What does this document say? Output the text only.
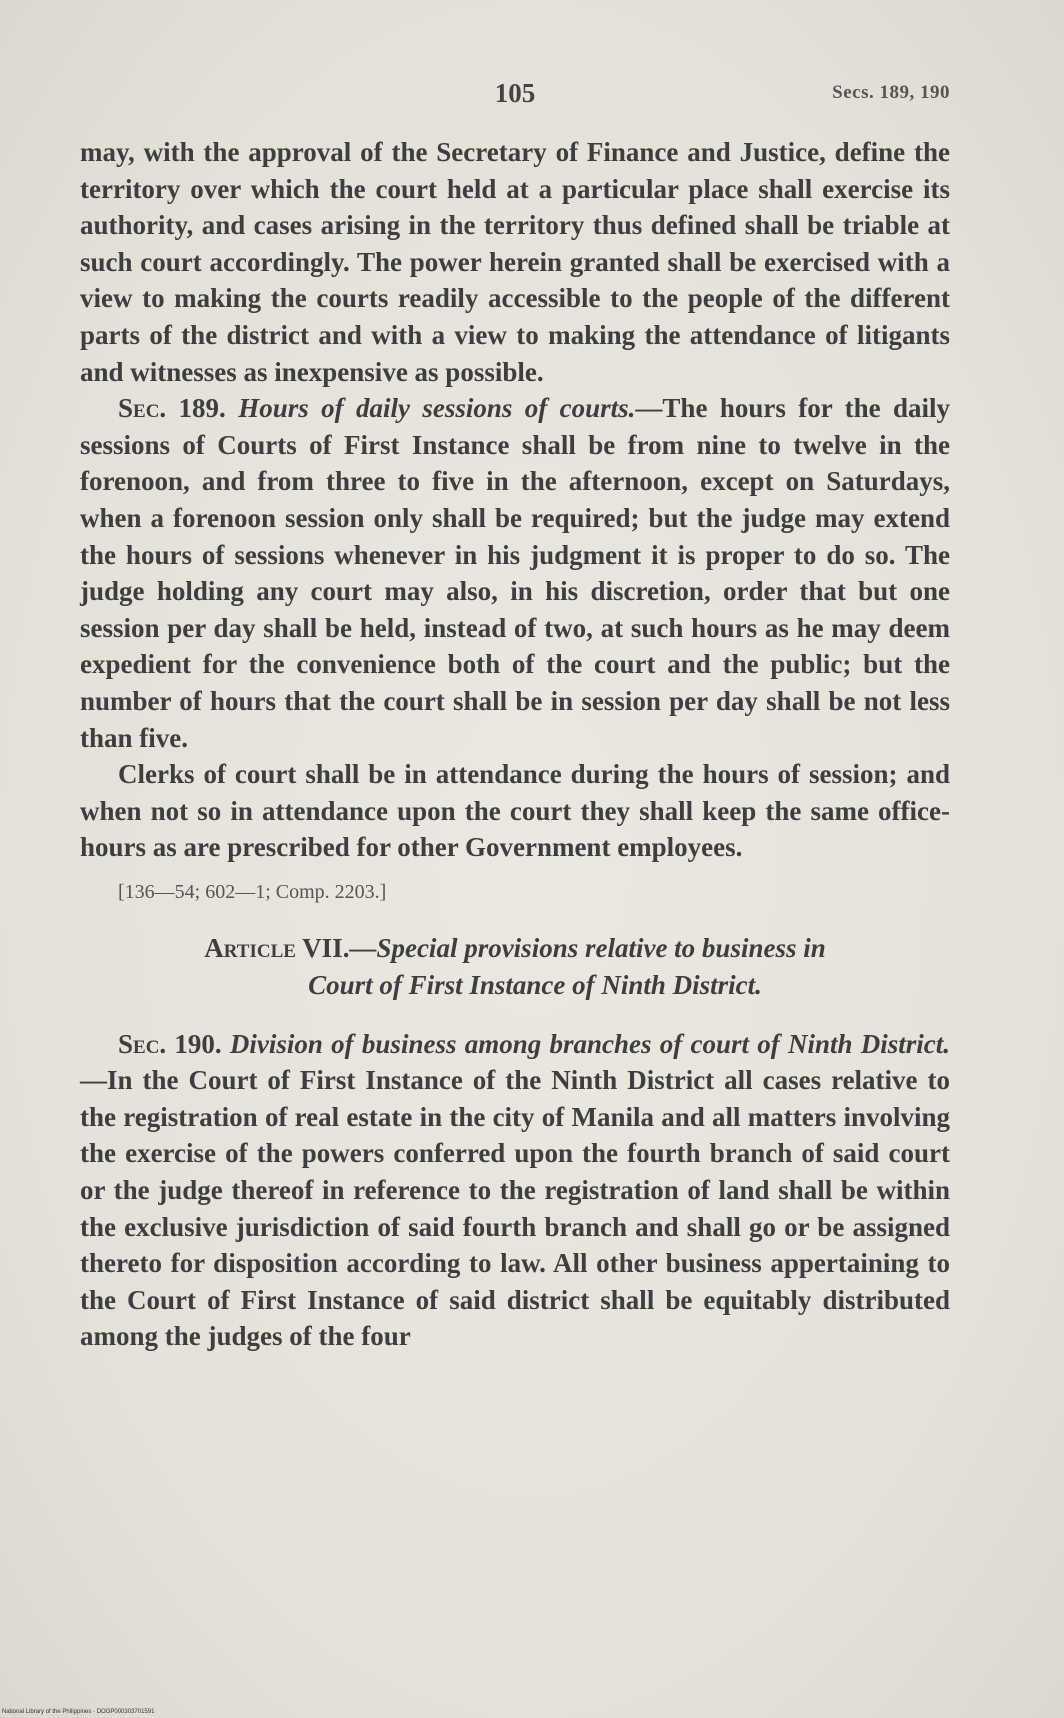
105	Secs. 189, 190

may, with the approval of the Secretary of Finance and Justice, define the territory over which the court held at a particular place shall exercise its authority, and cases arising in the territory thus defined shall be triable at such court accordingly. The power herein granted shall be exercised with a view to making the courts readily accessible to the people of the different parts of the district and with a view to making the attendance of litigants and witnesses as inexpensive as possible.

Sec. 189. Hours of daily sessions of courts.—The hours for the daily sessions of Courts of First Instance shall be from nine to twelve in the forenoon, and from three to five in the afternoon, except on Saturdays, when a forenoon session only shall be required; but the judge may extend the hours of sessions whenever in his judgment it is proper to do so. The judge holding any court may also, in his discretion, order that but one session per day shall be held, instead of two, at such hours as he may deem expedient for the convenience both of the court and the public; but the number of hours that the court shall be in session per day shall be not less than five.

Clerks of court shall be in attendance during the hours of session; and when not so in attendance upon the court they shall keep the same office-hours as are prescribed for other Government employees.

[136—54; 602—1; Comp. 2203.]

Article VII.—Special provisions relative to business in
Court of First Instance of Ninth District.

Sec. 190. Division of business among branches of court of Ninth District.—In the Court of First Instance of the Ninth District all cases relative to the registration of real estate in the city of Manila and all matters involving the exercise of the powers conferred upon the fourth branch of said court or the judge thereof in reference to the registration of land shall be within the exclusive jurisdiction of said fourth branch and shall go or be assigned thereto for disposition according to law. All other business appertaining to the Court of First Instance of said district shall be equitably distributed among the judges of the four

National Library of the Philippines · DOGP000303701591
